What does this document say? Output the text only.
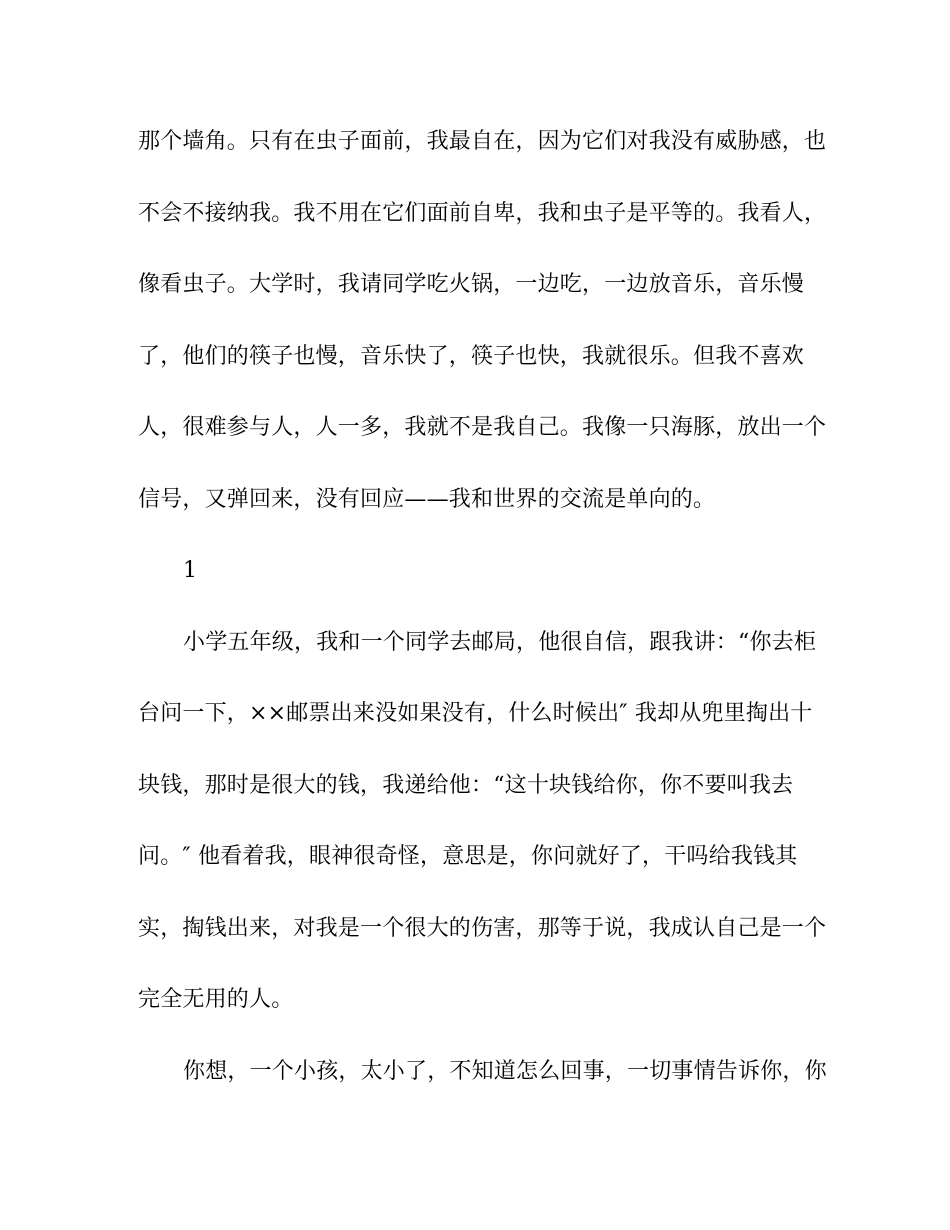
那个墙角。只有在虫子面前，我最自在，因为它们对我没有威胁感，也
不会不接纳我。我不用在它们面前自卑，我和虫子是平等的。我看人，
像看虫子。大学时，我请同学吃火锅，一边吃，一边放音乐，音乐慢
了，他们的筷子也慢，音乐快了，筷子也快，我就很乐。但我不喜欢
人，很难参与人，人一多，我就不是我自己。我像一只海豚，放出一个
信号，又弹回来，没有回应——我和世界的交流是单向的。
1
小学五年级，我和一个同学去邮局，他很自信，跟我讲：“你去柜
台问一下，××邮票出来没如果没有，什么时候出″ 我却从兜里掏出十
块钱，那时是很大的钱，我递给他：“这十块钱给你，你不要叫我去
问。″ 他看着我，眼神很奇怪，意思是，你问就好了，干吗给我钱其
实，掏钱出来，对我是一个很大的伤害，那等于说，我成认自己是一个
完全无用的人。
你想，一个小孩，太小了，不知道怎么回事，一切事情告诉你，你
